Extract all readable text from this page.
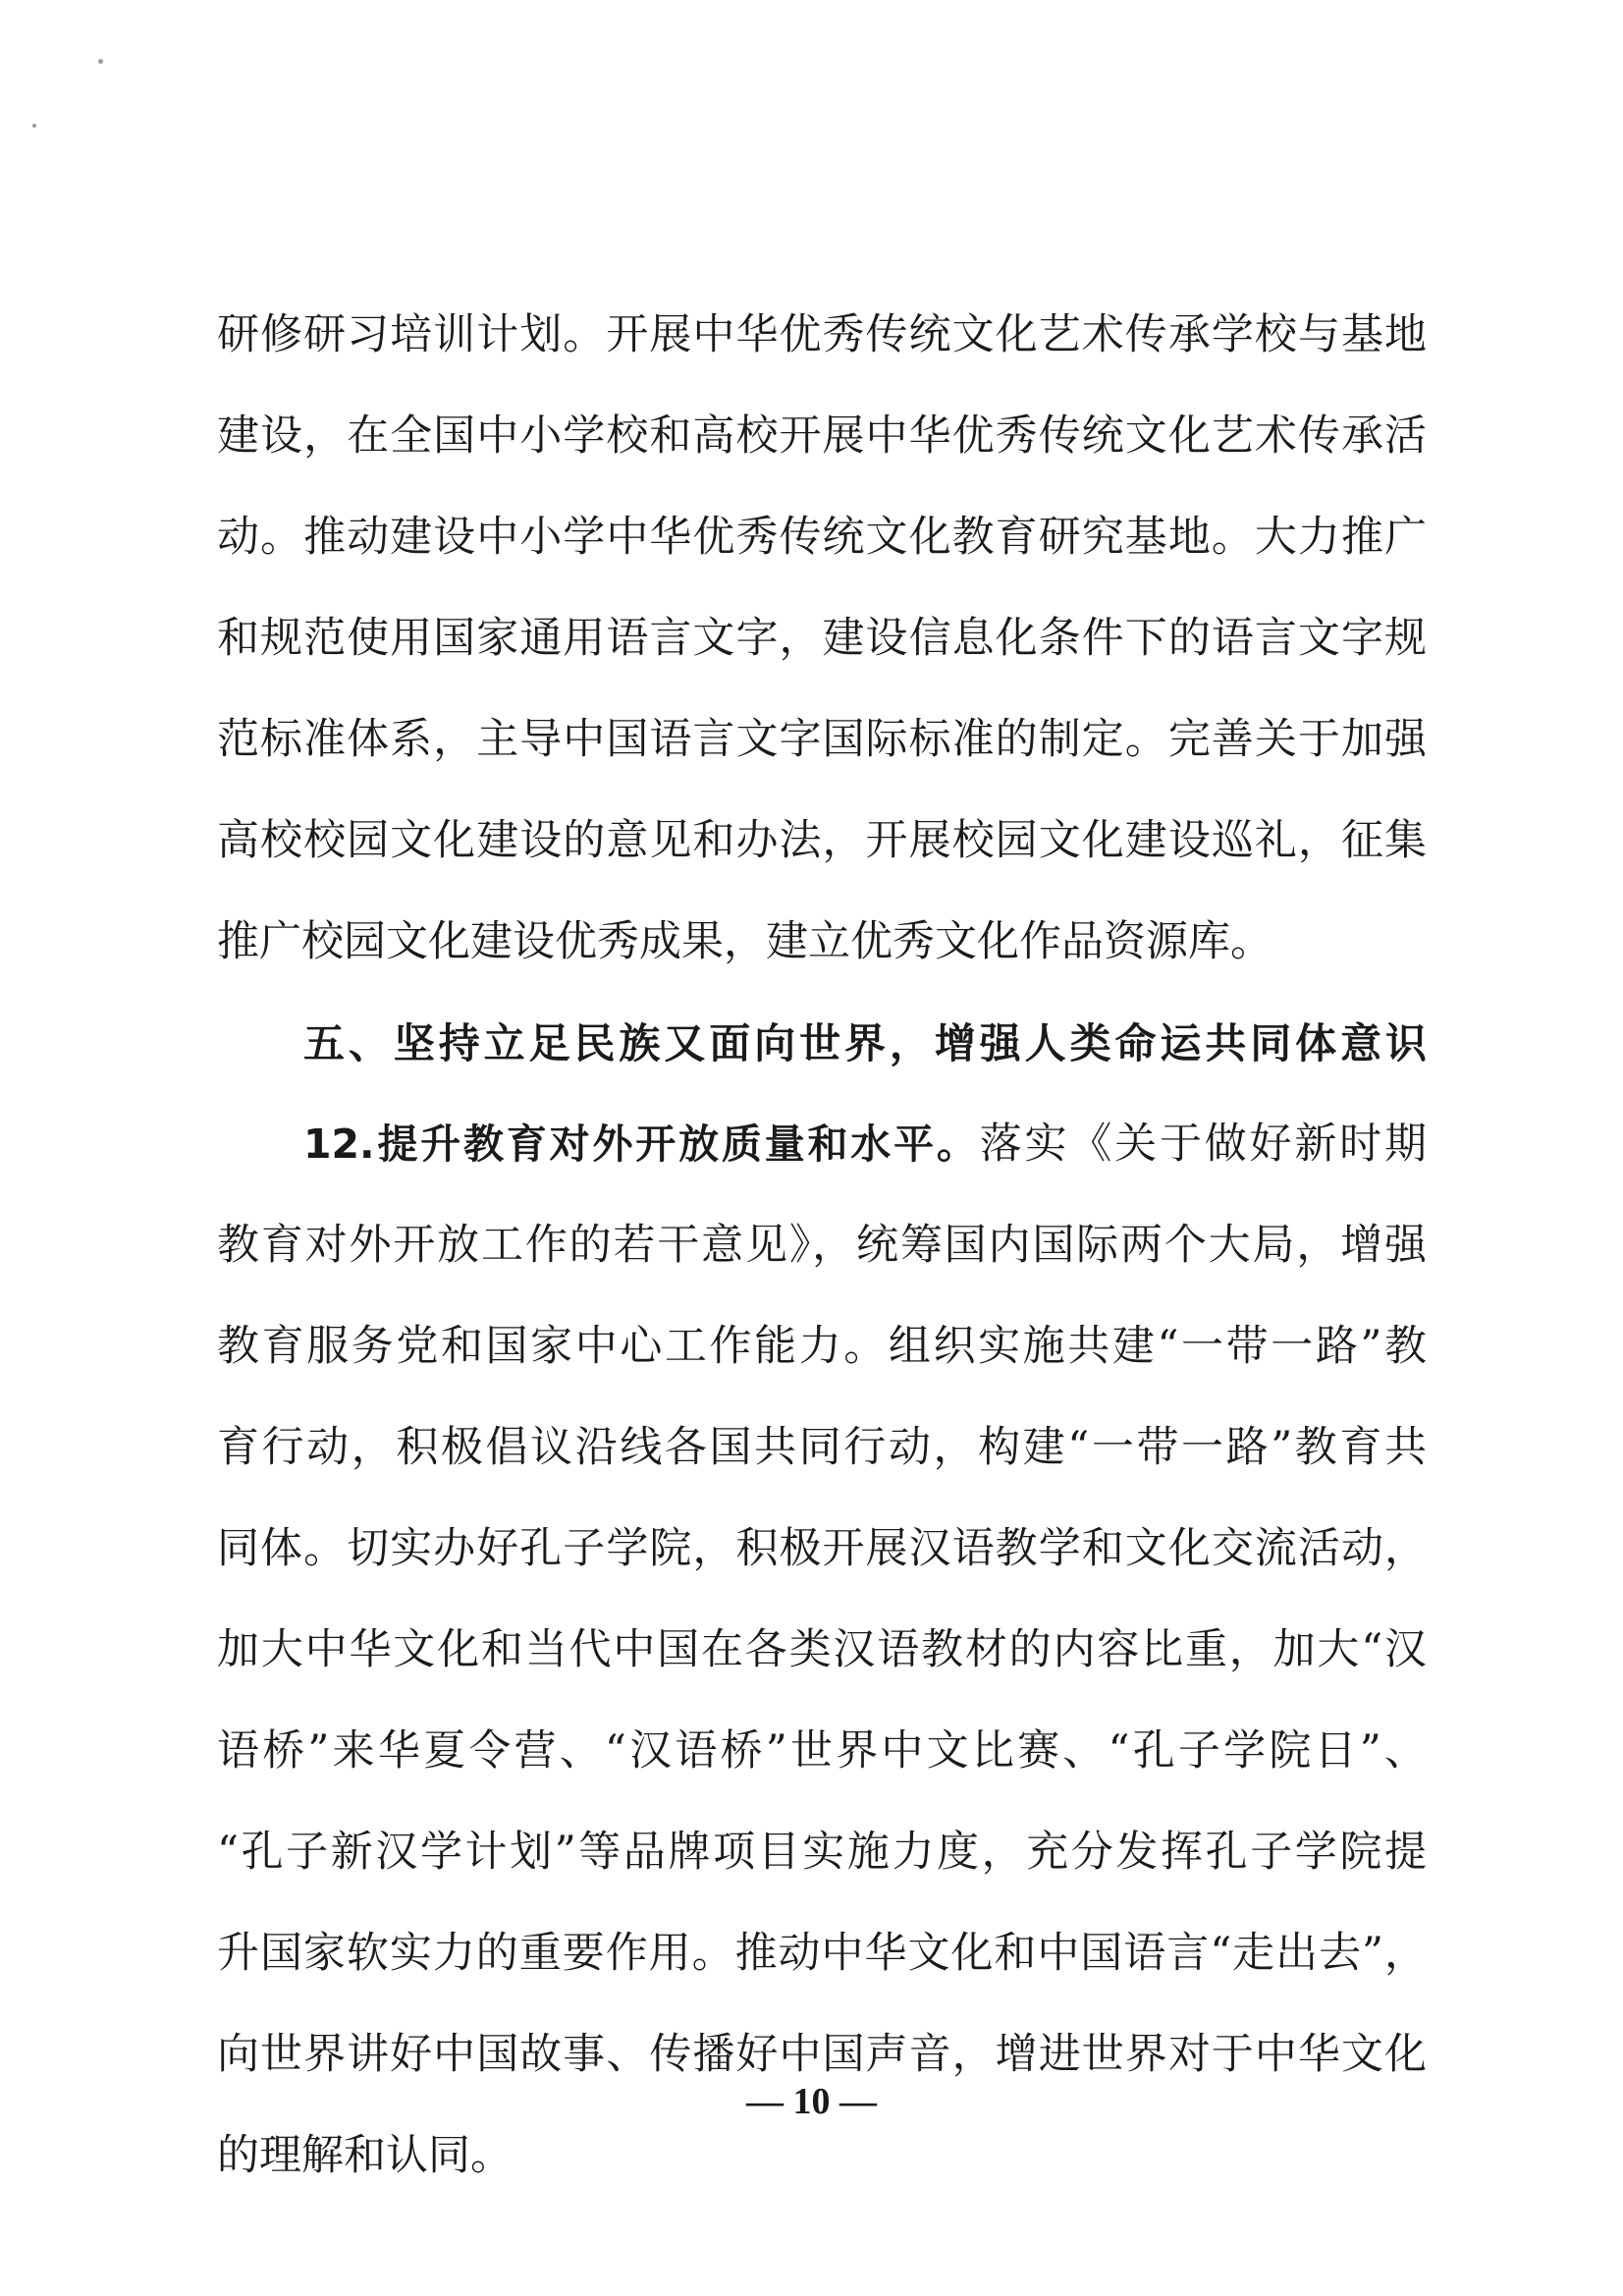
研修研习培训计划。开展中华优秀传统文化艺术传承学校与基地
建设，在全国中小学校和高校开展中华优秀传统文化艺术传承活
动。推动建设中小学中华优秀传统文化教育研究基地。大力推广
和规范使用国家通用语言文字，建设信息化条件下的语言文字规
范标准体系，主导中国语言文字国际标准的制定。完善关于加强
高校校园文化建设的意见和办法，开展校园文化建设巡礼，征集
推广校园文化建设优秀成果，建立优秀文化作品资源库。
五、坚持立足民族又面向世界，增强人类命运共同体意识
12.提升教育对外开放质量和水平。落实《关于做好新时期
教育对外开放工作的若干意见》，统筹国内国际两个大局，增强
教育服务党和国家中心工作能力。组织实施共建“一带一路”教
育行动，积极倡议沿线各国共同行动，构建“一带一路”教育共
同体。切实办好孔子学院，积极开展汉语教学和文化交流活动，
加大中华文化和当代中国在各类汉语教材的内容比重，加大“汉
语桥”来华夏令营、“汉语桥”世界中文比赛、“孔子学院日”、
“孔子新汉学计划”等品牌项目实施力度，充分发挥孔子学院提
升国家软实力的重要作用。推动中华文化和中国语言“走出去”，
向世界讲好中国故事、传播好中国声音，增进世界对于中华文化
的理解和认同。
— 10 —
